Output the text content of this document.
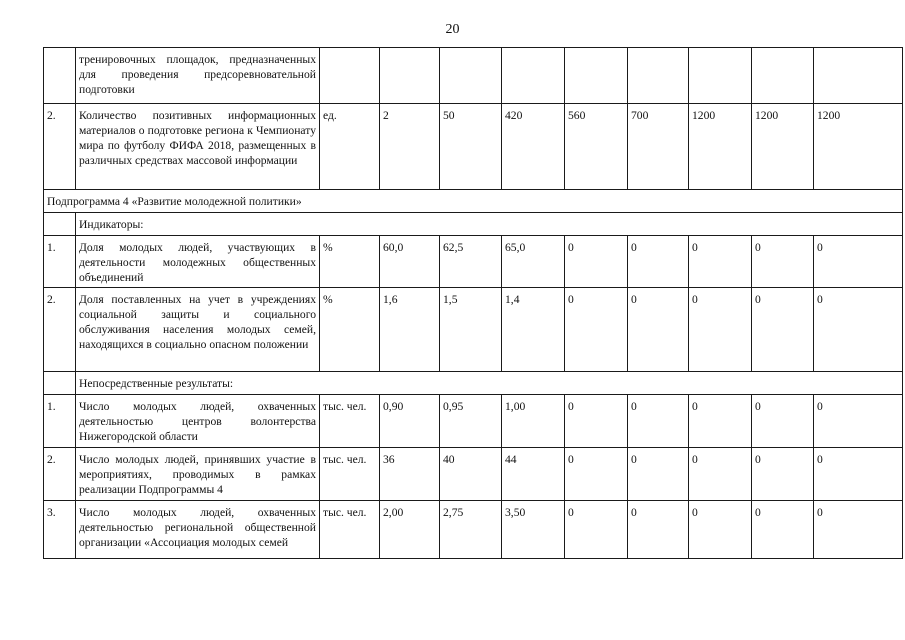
20
	тренировочных площадок, предназначенных для проведения предсоревновательной подготовки									
2.	Количество позитивных информационных материалов о подготовке региона к Чемпионату мира по футболу ФИФА 2018, размещенных в различных средствах массовой информации	ед.	2	50	420	560	700	1200	1200	1200
Подпрограмма 4 «Развитие молодежной политики»										
	Индикаторы:									
1.	Доля молодых людей, участвующих в деятельности молодежных общественных объединений	%	60,0	62,5	65,0	0	0	0	0	0
2.	Доля поставленных на учет в учреждениях социальной защиты и социального обслуживания населения молодых семей, находящихся в социально опасном положении	%	1,6	1,5	1,4	0	0	0	0	0
	Непосредственные результаты:									
1.	Число молодых людей, охваченных деятельностью центров волонтерства Нижегородской области	тыс. чел.	0,90	0,95	1,00	0	0	0	0	0
2.	Число молодых людей, принявших участие в мероприятиях, проводимых в рамках реализации Подпрограммы 4	тыс. чел.	36	40	44	0	0	0	0	0
3.	Число молодых людей, охваченных деятельностью региональной общественной организации «Ассоциация молодых семей	тыс. чел.	2,00	2,75	3,50	0	0	0	0	0
